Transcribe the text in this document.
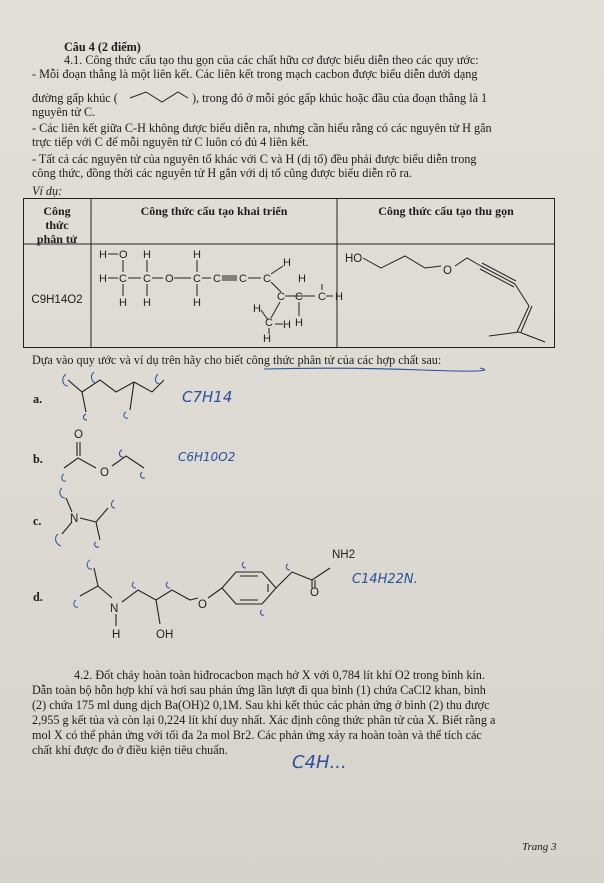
Câu 4 (2 điểm)
4.1. Công thức cấu tạo thu gọn của các chất hữu cơ được biểu diễn theo các quy ước:
- Mỗi đoạn thẳng là một liên kết. Các liên kết trong mạch cacbon được biểu diễn dưới dạng
đường gấp khúc (	), trong đó ở mỗi góc gấp khúc hoặc đầu của đoạn thẳng là 1
nguyên tử C.
- Các liên kết giữa C-H không được biểu diễn ra, nhưng cần hiểu rằng có các nguyên tử H gắn
trực tiếp với C để mỗi nguyên tử C luôn có đủ 4 liên kết.
- Tất cả các nguyên tử của nguyên tố khác với C và H (dị tố) đều phải được biểu diễn trong
công thức, đồng thời các nguyên tử H gắn với dị tố cũng được biểu diễn rõ ra.
Ví dụ:
Công
thức
phân tử
Công thức cấu tạo khai triển	Công thức cấu tạo thu gọn
C9H14O2
H O H	H
H C C O C C C C
H H	H
H
H
C
H
C	C H
H
C H
H
HO
O
Dựa vào quy ước và ví dụ trên hãy cho biết công thức phân tử của các hợp chất sau:
a.
b.
c.
d.
C7H14
O
O
C6H10O2
N
N
H	OH
O
O
NH2
C14H22N.
4.2. Đốt cháy hoàn toàn hiđrocacbon mạch hở X với 0,784 lít khí O2 trong bình kín.
Dẫn toàn bộ hỗn hợp khí và hơi sau phản ứng lần lượt đi qua bình (1) chứa CaCl2 khan, bình
(2) chứa 175 ml dung dịch Ba(OH)2 0,1M. Sau khi kết thúc các phản ứng ở bình (2) thu được
2,955 g kết tủa và còn lại 0,224 lít khí duy nhất. Xác định công thức phân tử của X. Biết rằng a
mol X có thể phản ứng với tối đa 2a mol Br2. Các phản ứng xảy ra hoàn toàn và thể tích các
chất khí được đo ở điều kiện tiêu chuẩn.
C4H...
Trang 3
